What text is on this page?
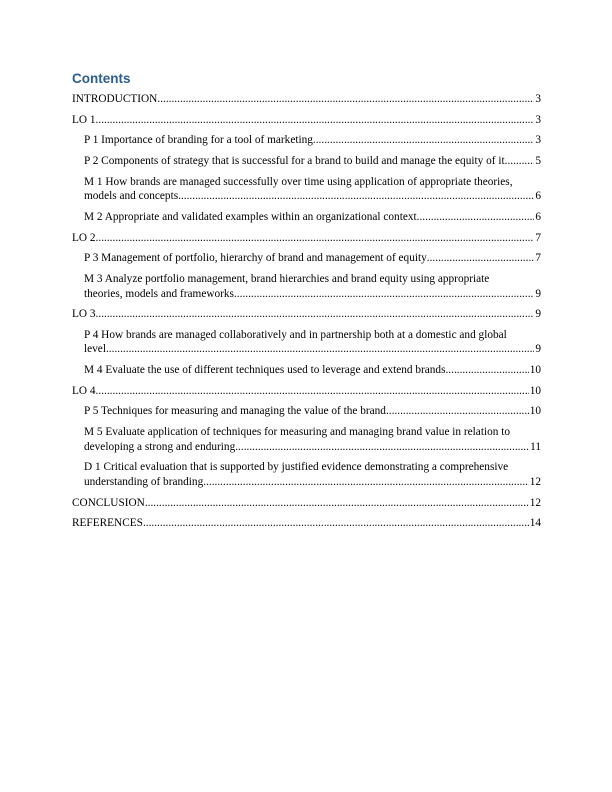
Contents
INTRODUCTION .....	3
LO 1 .....	3
P 1 Importance of branding for a tool of marketing .....	3
P 2 Components of strategy that is successful for a brand to build and manage the equity of it .....	5
M 1 How brands are managed successfully over time using application of appropriate theories,
models and concepts .....	6
M 2 Appropriate and validated examples within an organizational context .....	6
LO 2 .....	7
P 3 Management of portfolio, hierarchy of brand and management of equity .....	7
M 3 Analyze portfolio management, brand hierarchies and brand equity using appropriate
theories, models and frameworks .....	9
LO 3 .....	9
P 4 How brands are managed collaboratively and in partnership both at a domestic and global
level .....	9
M 4 Evaluate the use of different techniques used to leverage and extend brands .....	10
LO 4 .....	10
P 5 Techniques for measuring and managing the value of the brand .....	10
M 5 Evaluate application of techniques for measuring and managing brand value in relation to
developing a strong and enduring .....	11
D 1 Critical evaluation that is supported by justified evidence demonstrating a comprehensive
understanding of branding .....	12
CONCLUSION .....	12
REFERENCES .....	14
